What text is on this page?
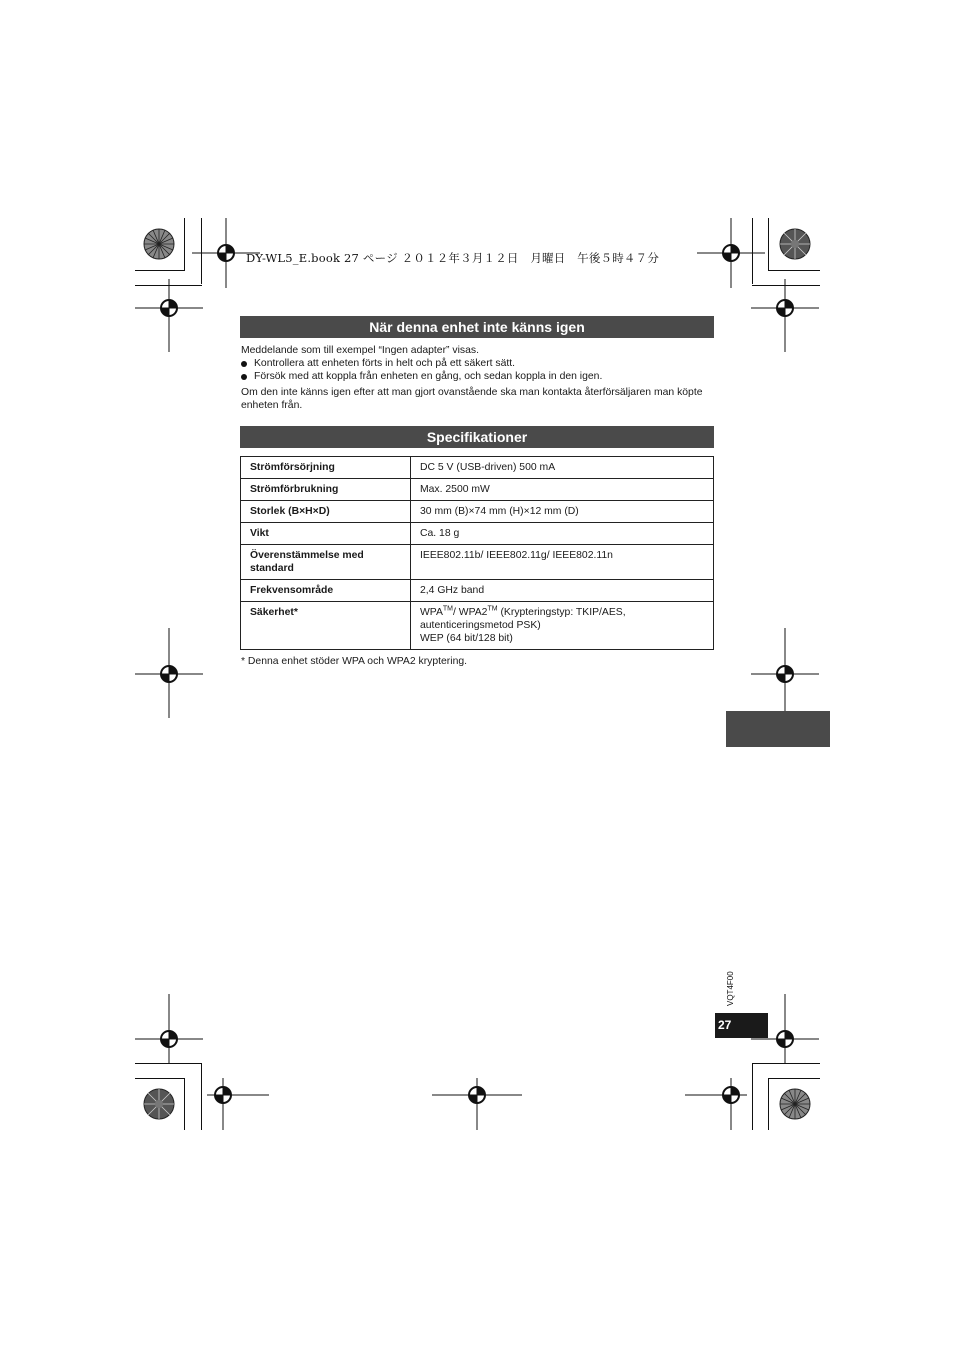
DY-WL5_E.book 27 ページ ２０１２年３月１２日　月曜日　午後５時４７分
När denna enhet inte känns igen

Meddelande som till exempel “Ingen adapter” visas.

Kontrollera att enheten förts in helt och på ett säkert sätt.

Försök med att koppla från enheten en gång, och sedan koppla in den igen.

Om den inte känns igen efter att man gjort ovanstående ska man kontakta återförsäljaren man köpte enheten från.

Specifikationer
Strömförsörjning	DC 5 V (USB-driven) 500 mA
Strömförbrukning	Max. 2500 mW
Storlek (B×H×D)	30 mm (B)×74 mm (H)×12 mm (D)
Vikt	Ca. 18 g
Överenstämmelse med standard	IEEE802.11b/ IEEE802.11g/ IEEE802.11n
Frekvensområde	2,4 GHz band
Säkerhet*	WPA™/ WPA2™ (Krypteringstyp: TKIP/AES,
autenticeringsmetod PSK)
WEP (64 bit/128 bit)
* Denna enhet stöder WPA och WPA2 kryptering.
VQT4F00
27
